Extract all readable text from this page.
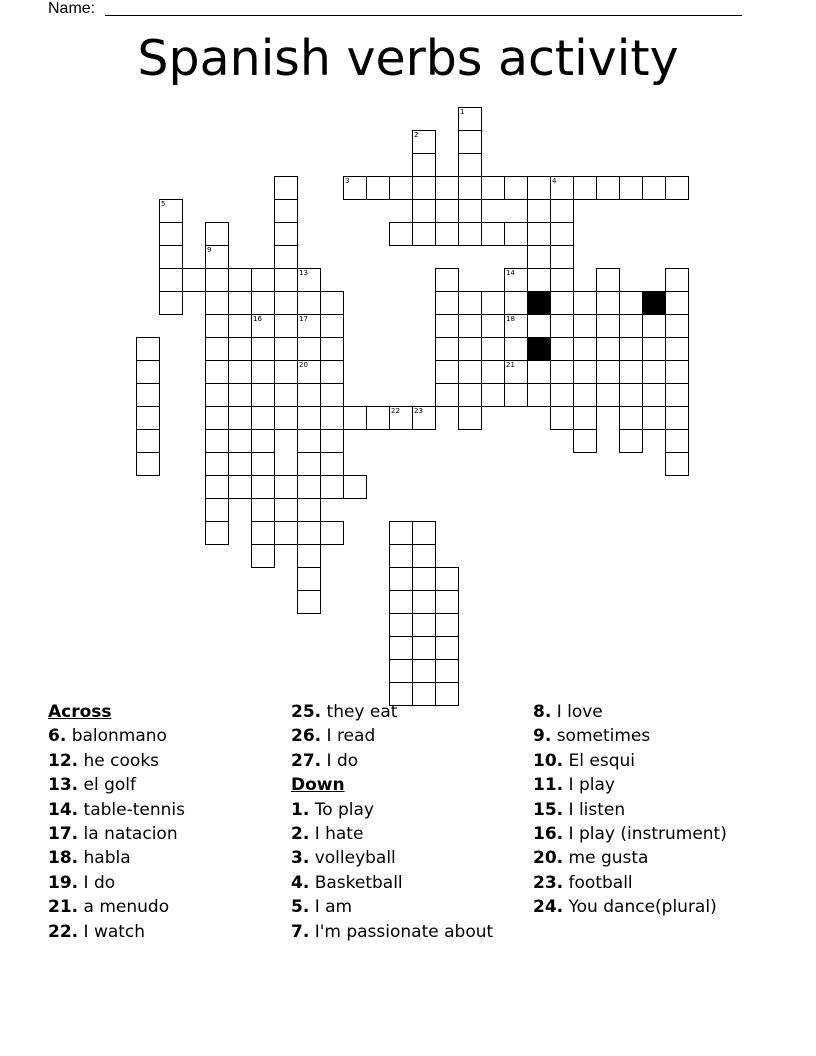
Name:
Spanish verbs activity
1
2
3	4
5
9
16	17
20
13
22 23
14
18
21
Across
6. balonmano
12. he cooks
13. el golf
14. table-tennis
17. la natacion
18. habla
19. I do
21. a menudo
22. I watch
25. they eat
26. I read
27. I do
Down
1. To play
2. I hate
3. volleyball
4. Basketball
5. I am
7. I'm passionate about
8. I love
9. sometimes
10. El esqui
11. I play
15. I listen
16. I play (instrument)
20. me gusta
23. football
24. You dance(plural)
